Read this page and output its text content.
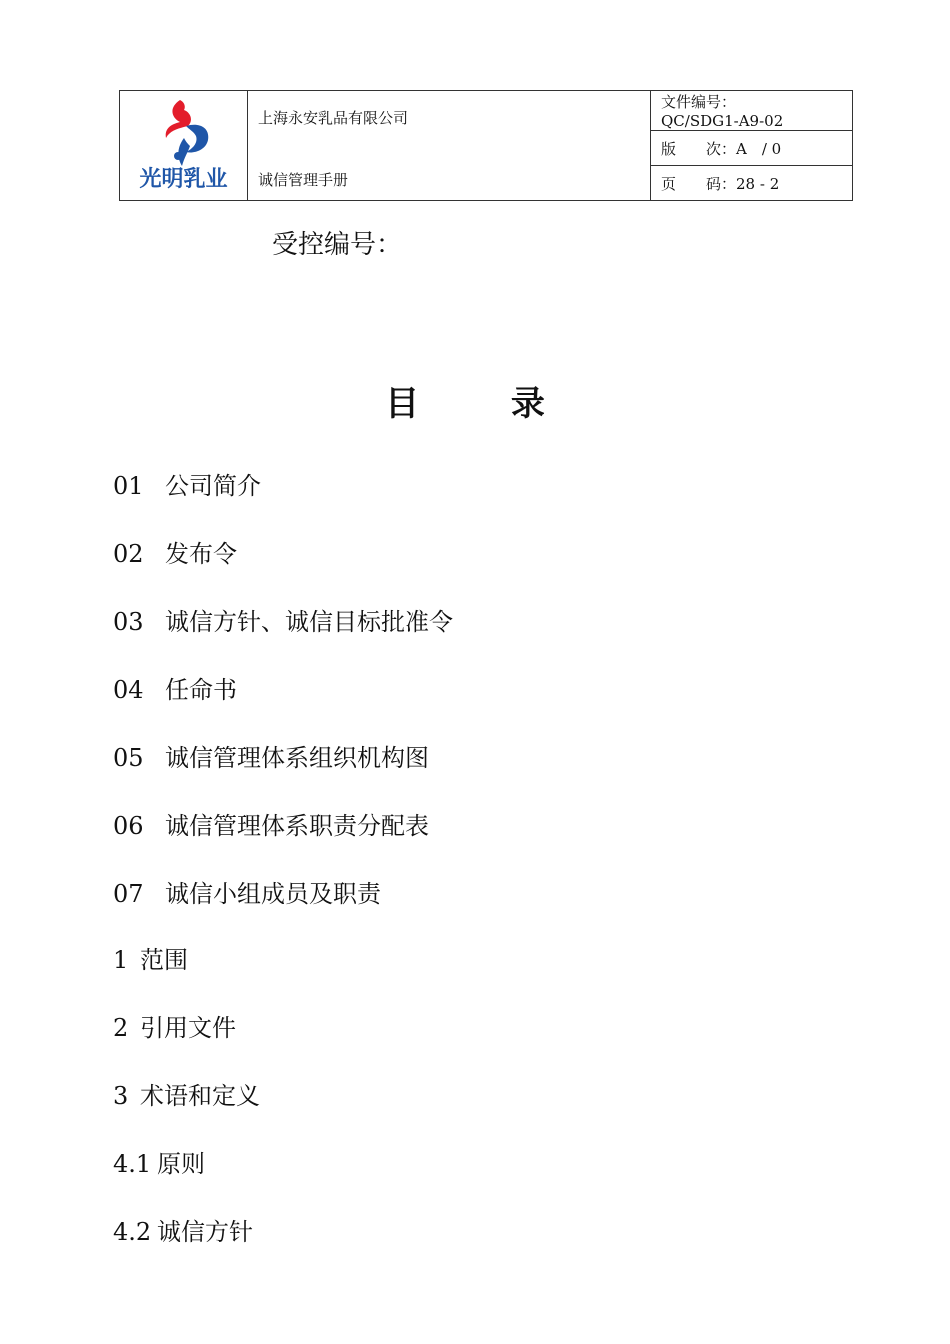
光明乳业

上海永安乳品有限公司
诚信管理手册
	文件编号：QC/SDG1-A9-02
版　　次：A　/ 0
页　　码：28 - 2
受控编号：
目 录
01 公司简介
02 发布令
03 诚信方针、诚信目标批准令
04 任命书
05 诚信管理体系组织机构图
06 诚信管理体系职责分配表
07 诚信小组成员及职责
1 范围
2 引用文件
3 术语和定义
4.1 原则
4.2 诚信方针
